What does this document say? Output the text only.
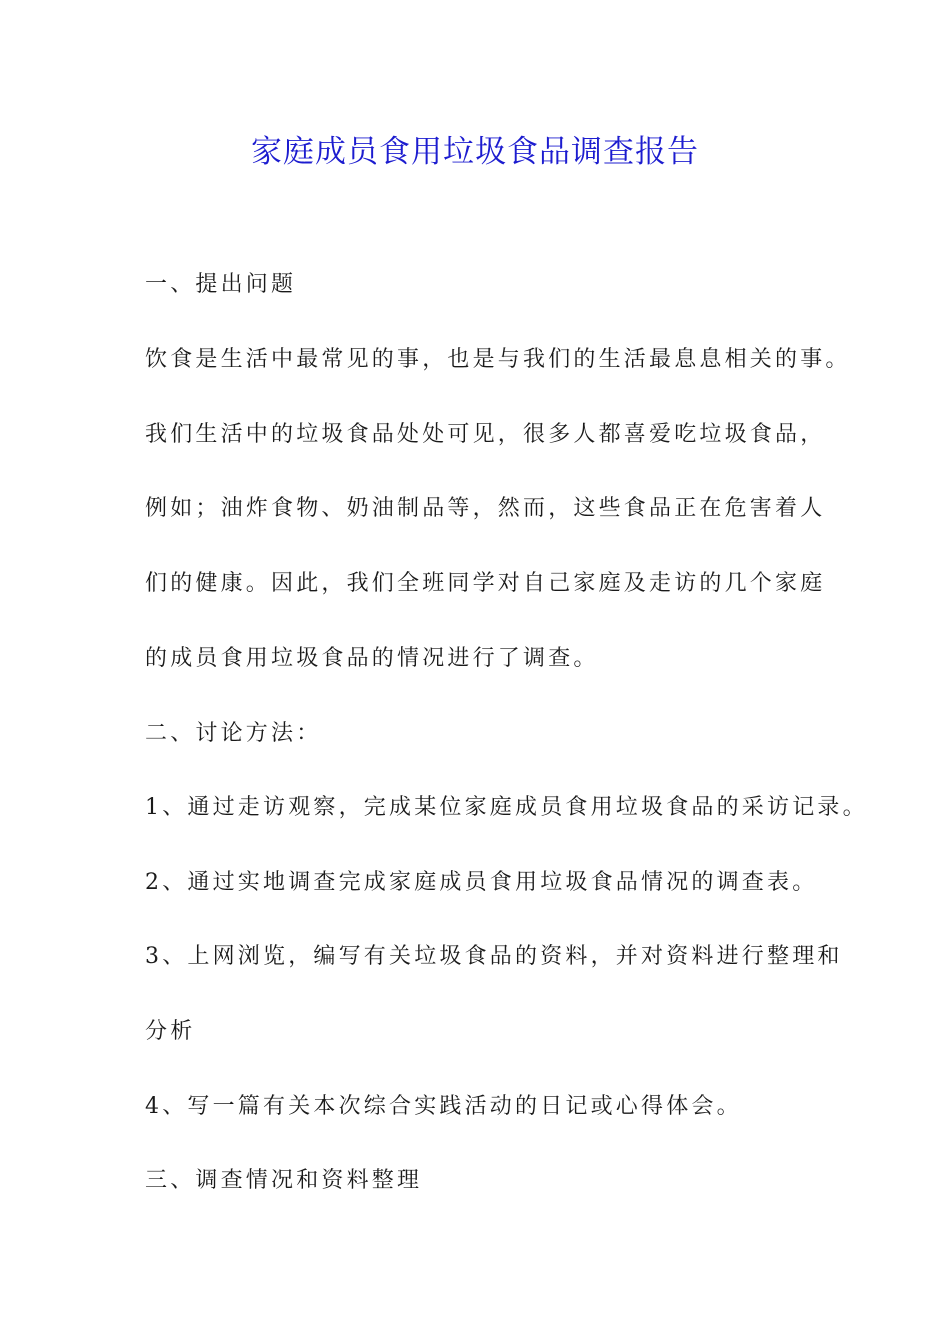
家庭成员食用垃圾食品调查报告
一、提出问题
饮食是生活中最常见的事，也是与我们的生活最息息相关的事。
我们生活中的垃圾食品处处可见，很多人都喜爱吃垃圾食品，
例如；油炸食物、奶油制品等，然而，这些食品正在危害着人
们的健康。因此，我们全班同学对自己家庭及走访的几个家庭
的成员食用垃圾食品的情况进行了调查。
二、讨论方法：
1、通过走访观察，完成某位家庭成员食用垃圾食品的采访记录。
2、通过实地调查完成家庭成员食用垃圾食品情况的调查表。
3、上网浏览，编写有关垃圾食品的资料，并对资料进行整理和
分析
4、写一篇有关本次综合实践活动的日记或心得体会。
三、调查情况和资料整理
